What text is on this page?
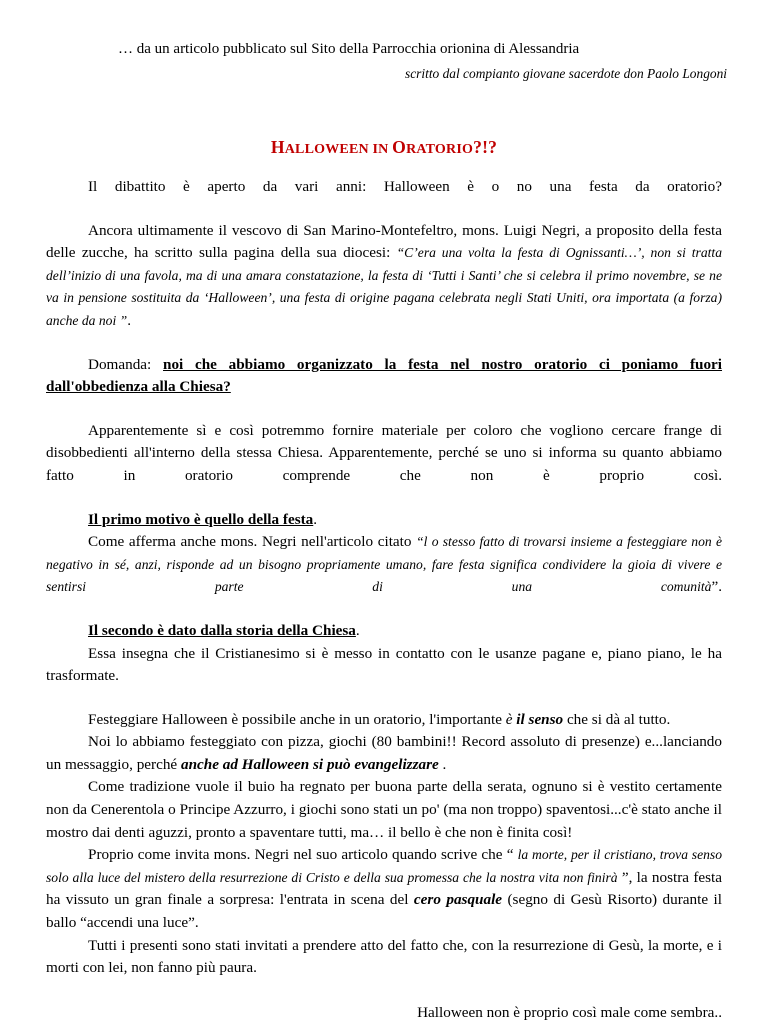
… da un articolo pubblicato sul Sito della Parrocchia orionina di Alessandria
scritto dal compianto giovane sacerdote don Paolo Longoni
HALLOWEEN IN ORATORIO?!?

Il dibattito è aperto da vari anni: Halloween è o no una festa da oratorio?

Ancora ultimamente il vescovo di San Marino-Montefeltro, mons. Luigi Negri, a proposito della festa delle zucche, ha scritto sulla pagina della sua diocesi: “C’era una volta la festa di Ognissanti…’, non si tratta dell’inizio di una favola, ma di una amara constatazione, la festa di ‘Tutti i Santi’ che si celebra il primo novembre, se ne va in pensione sostituita da ‘Halloween’, una festa di origine pagana celebrata negli Stati Uniti, ora importata (a forza) anche da noi ”.

Domanda: noi che abbiamo organizzato la festa nel nostro oratorio ci poniamo fuori dall'obbedienza alla Chiesa?

Apparentemente sì e così potremmo fornire materiale per coloro che vogliono cercare frange di disobbedienti all'interno della stessa Chiesa. Apparentemente, perché se uno si informa su quanto abbiamo fatto in oratorio comprende che non è proprio così.

Il primo motivo è quello della festa.

Come afferma anche mons. Negri nell'articolo citato “l o stesso fatto di trovarsi insieme a festeggiare non è negativo in sé, anzi, risponde ad un bisogno propriamente umano, fare festa significa condividere la gioia di vivere e sentirsi parte di una comunità”.

Il secondo è dato dalla storia della Chiesa.

Essa insegna che il Cristianesimo si è messo in contatto con le usanze pagane e, piano piano, le ha trasformate.

Festeggiare Halloween è possibile anche in un oratorio, l'importante è il senso che si dà al tutto.

Noi lo abbiamo festeggiato con pizza, giochi (80 bambini!! Record assoluto di presenze) e...lanciando un messaggio, perché anche ad Halloween si può evangelizzare .

Come tradizione vuole il buio ha regnato per buona parte della serata, ognuno si è vestito certamente non da Cenerentola o Principe Azzurro, i giochi sono stati un po' (ma non troppo) spaventosi...c'è stato anche il mostro dai denti aguzzi, pronto a spaventare tutti, ma… il bello è che non è finita così!

Proprio come invita mons. Negri nel suo articolo quando scrive che “ la morte, per il cristiano, trova senso solo alla luce del mistero della resurrezione di Cristo e della sua promessa che la nostra vita non finirà ”, la nostra festa ha vissuto un gran finale a sorpresa: l'entrata in scena del cero pasquale (segno di Gesù Risorto) durante il ballo “accendi una luce”.

Tutti i presenti sono stati invitati a prendere atto del fatto che, con la resurrezione di Gesù, la morte, e i morti con lei, non fanno più paura.

Halloween non è proprio così male come sembra..
